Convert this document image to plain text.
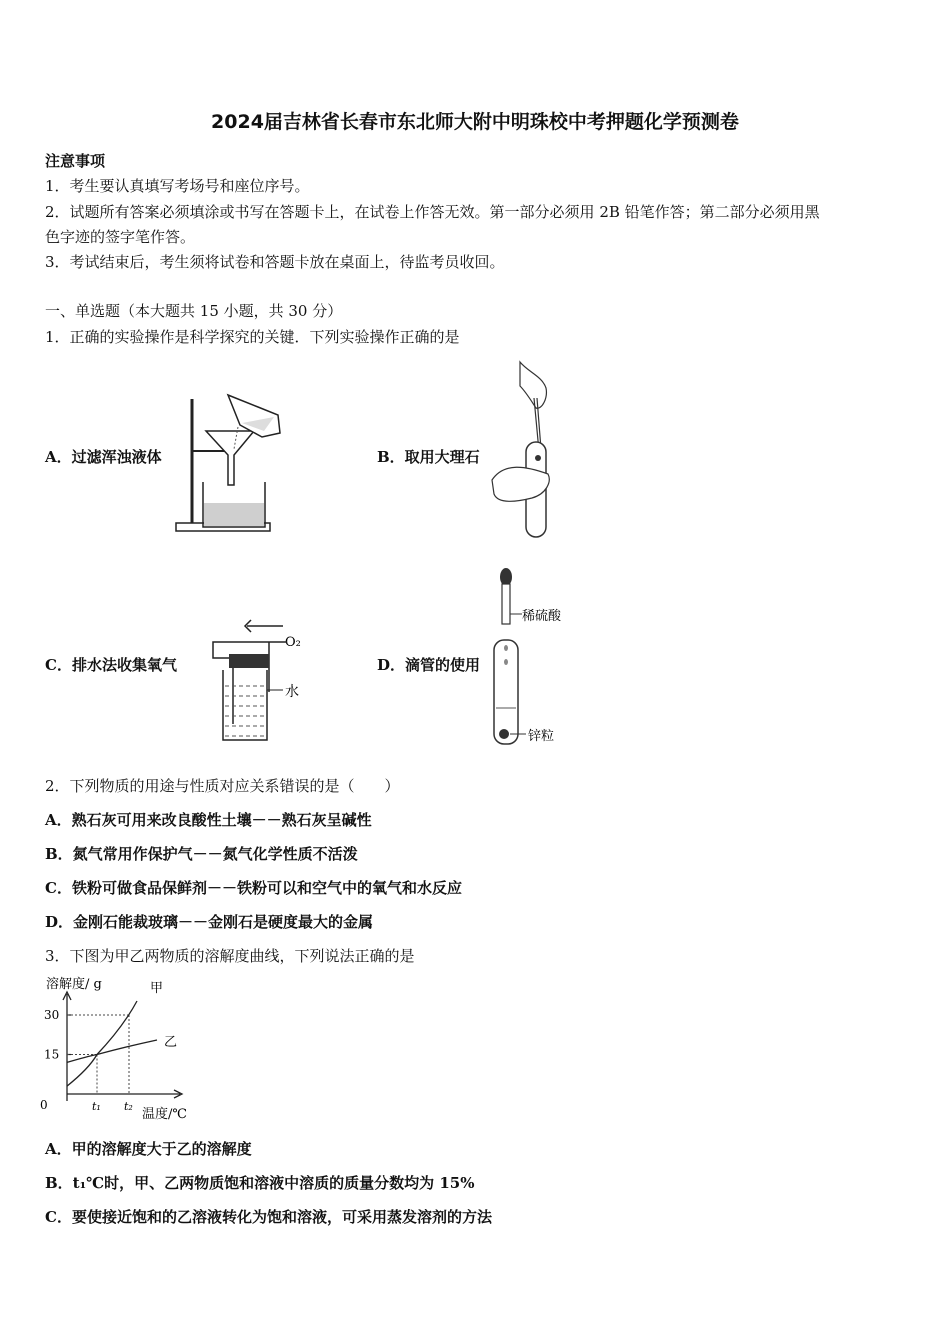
2024届吉林省长春市东北师大附中明珠校中考押题化学预测卷
注意事项
1．考生要认真填写考场号和座位序号。
2．试题所有答案必须填涂或书写在答题卡上，在试卷上作答无效。第一部分必须用 2B 铅笔作答；第二部分必须用黑
色字迹的签字笔作答。
3．考试结束后，考生须将试卷和答题卡放在桌面上，待监考员收回。
一、单选题（本大题共 15 小题，共 30 分）
1．正确的实验操作是科学探究的关键．下列实验操作正确的是
A．过滤浑浊液体	B．取用大理石
C．排水法收集氧气	D．滴管的使用
O₂
水
稀硫酸
锌粒
2．下列物质的用途与性质对应关系错误的是（　　）
A．熟石灰可用来改良酸性土壤－－熟石灰呈碱性
B．氮气常用作保护气－－氮气化学性质不活泼
C．铁粉可做食品保鲜剂－－铁粉可以和空气中的氧气和水反应
D．金刚石能裁玻璃－－金刚石是硬度最大的金属
3．下图为甲乙两物质的溶解度曲线，下列说法正确的是
溶解度/ g
温度/℃
0
15
30
t₁ t₂
甲
乙
A．甲的溶解度大于乙的溶解度
B．t₁℃时，甲、乙两物质饱和溶液中溶质的质量分数均为 15%
C．要使接近饱和的乙溶液转化为饱和溶液，可采用蒸发溶剂的方法
